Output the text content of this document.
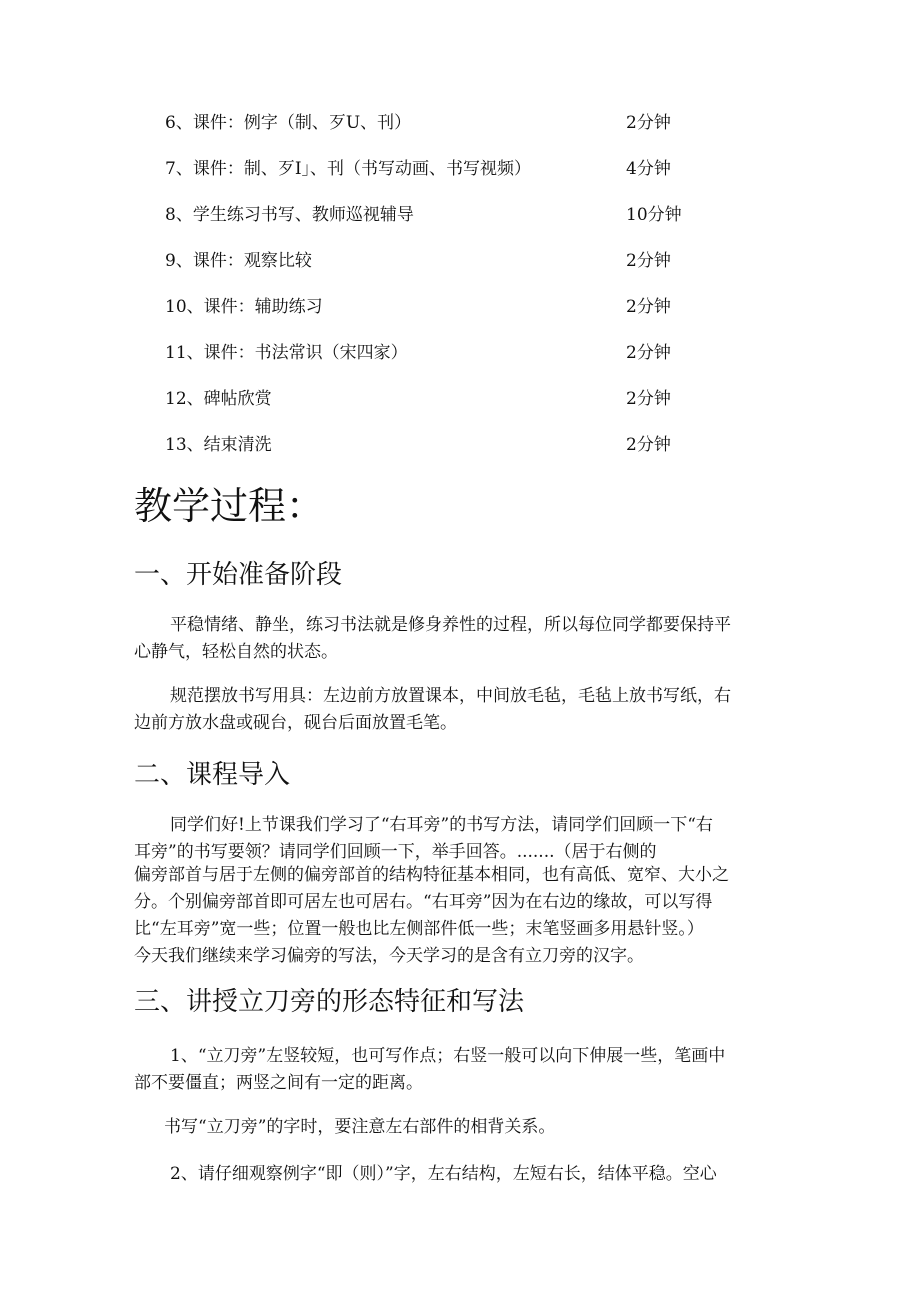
6、课件：例字（制、歹U、刊）	2分钟
7、课件：制、歹I」、刊（书写动画、书写视频）	4分钟
8、学生练习书写、教师巡视辅导	10分钟
9、课件：观察比较	2分钟
10、课件：辅助练习	2分钟
11、课件：书法常识（宋四家）	2分钟
12、碑帖欣赏	2分钟
13、结束清洗	2分钟
教学过程：
一、开始准备阶段

平稳情绪、静坐，练习书法就是修身养性的过程，所以每位同学都要保持平
心静气，轻松自然的状态。

规范摆放书写用具：左边前方放置课本，中间放毛毡，毛毡上放书写纸，右
边前方放水盘或砚台，砚台后面放置毛笔。

二、课程导入

同学们好!上节课我们学习了“右耳旁”的书写方法，请同学们回顾一下“右
耳旁”的书写要领？请同学们回顾一下，举手回答。.......（居于右侧的
偏旁部首与居于左侧的偏旁部首的结构特征基本相同，也有高低、宽窄、大小之
分。个别偏旁部首即可居左也可居右。“右耳旁”因为在右边的缘故，可以写得
比“左耳旁”宽一些；位置一般也比左侧部件低一些；末笔竖画多用悬针竖。）
今天我们继续来学习偏旁的写法，今天学习的是含有立刀旁的汉字。

三、讲授立刀旁的形态特征和写法

1、“立刀旁”左竖较短，也可写作点；右竖一般可以向下伸展一些，笔画中
部不要僵直；两竖之间有一定的距离。

书写“立刀旁”的字时，要注意左右部件的相背关系。

2、请仔细观察例字“即（则）”字，左右结构，左短右长，结体平稳。空心
